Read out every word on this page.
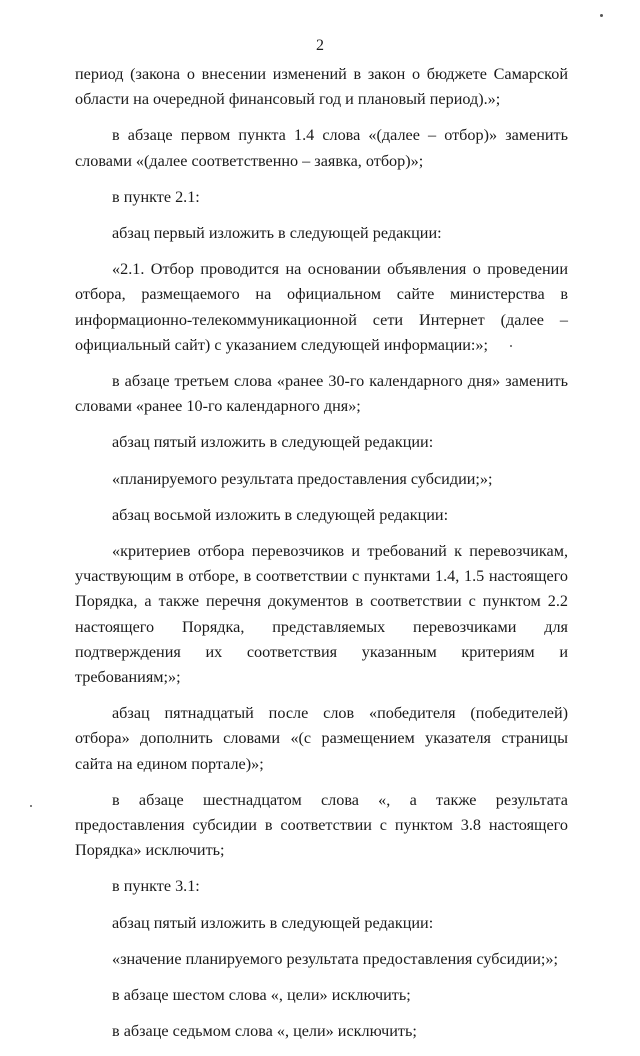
2

период (закона о внесении изменений в закон о бюджете Самарской области на очередной финансовый год и плановый период).»;

в абзаце первом пункта 1.4 слова «(далее – отбор)» заменить словами «(далее соответственно – заявка, отбор)»;

в пункте 2.1:

абзац первый изложить в следующей редакции:

«2.1. Отбор проводится на основании объявления о проведении отбора, размещаемого на официальном сайте министерства в информационно-телекоммуникационной сети Интернет (далее – официальный сайт) с указанием следующей информации:»;

в абзаце третьем слова «ранее 30-го календарного дня» заменить словами «ранее 10-го календарного дня»;

абзац пятый изложить в следующей редакции:

«планируемого результата предоставления субсидии;»;

абзац восьмой изложить в следующей редакции:

«критериев отбора перевозчиков и требований к перевозчикам, участвующим в отборе, в соответствии с пунктами 1.4, 1.5 настоящего Порядка, а также перечня документов в соответствии с пунктом 2.2 настоящего Порядка, представляемых перевозчиками для подтверждения их соответствия указанным критериям и требованиям;»;

абзац пятнадцатый после слов «победителя (победителей) отбора» дополнить словами «(с размещением указателя страницы сайта на едином портале)»;

в абзаце шестнадцатом слова «, а также результата предоставления субсидии в соответствии с пунктом 3.8 настоящего Порядка» исключить;

в пункте 3.1:

абзац пятый изложить в следующей редакции:

«значение планируемого результата предоставления субсидии;»;

в абзаце шестом слова «, цели» исключить;

в абзаце седьмом слова «, цели» исключить;
